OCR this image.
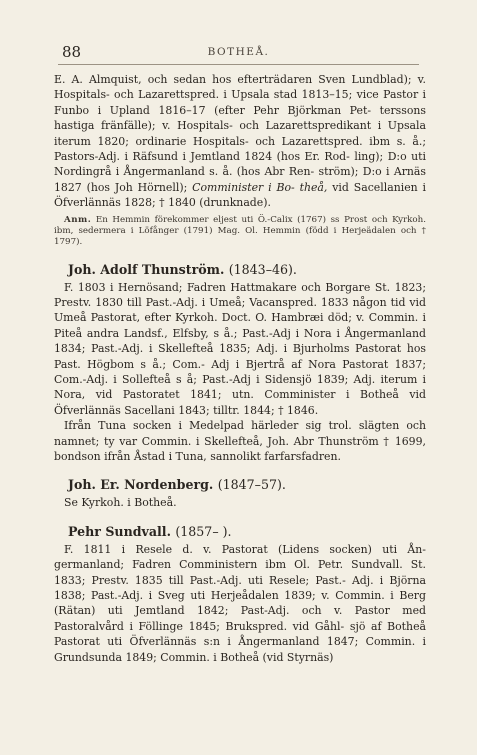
88	BOTHEÅ.

E. A. Almquist, och sedan hos efterträdaren Sven Lundblad); v. Hospitals- och Lazarettspred. i Upsala stad 1813–15; vice Pastor i Funbo i Upland 1816–17 (efter Pehr Björkman Pet- terssons hastiga fränfälle); v. Hospitals- och Lazarettspredikant i Upsala iterum 1820; ordinarie Hospitals- och Lazarettspred. ibm s. å.; Pastors-Adj. i Räfsund i Jemtland 1824 (hos Er. Rod- ling); D:o uti Nordingrå i Ångermanland s. å. (hos Abr Ren- ström); D:o i Arnäs 1827 (hos Joh Hörnell); Comminister i Bo- theå, vid Sacellanien i Öfverlännäs 1828; † 1840 (drunknade).

Anm. En Hemmin förekommer eljest uti Ö.-Calix (1767) ss Prost och Kyrkoh. ibm, sedermera i Löfånger (1791) Mag. Ol. Hemmin (född i Herjeädalen och † 1797).

Joh. Adolf Thunström. (1843–46).

F. 1803 i Hernösand; Fadren Hattmakare och Borgare St. 1823; Prestv. 1830 till Past.-Adj. i Umeå; Vacanspred. 1833 någon tid vid Umeå Pastorat, efter Kyrkoh. Doct. O. Hambræi död; v. Commin. i Piteå andra Landsf., Elfsby, s å.; Past.-Adj i Nora i Ångermanland 1834; Past.-Adj. i Skellefteå 1835; Adj. i Bjurholms Pastorat hos Past. Högbom s å.; Com.- Adj i Bjertrå af Nora Pastorat 1837; Com.-Adj. i Sollefteå s å; Past.-Adj i Sidensjö 1839; Adj. iterum i Nora, vid Pastoratet 1841; utn. Comminister i Botheå vid Öfverlännäs Sacellani 1843; tilltr. 1844; † 1846.

Ifrån Tuna socken i Medelpad härleder sig trol. slägten och namnet; ty var Commin. i Skellefteå, Joh. Abr Thunström † 1699, bondson ifrån Åstad i Tuna, sannolikt farfarsfadren.

Joh. Er. Nordenberg. (1847–57).

Se Kyrkoh. i Botheå.

Pehr Sundvall. (1857– ).

F. 1811 i Resele d. v. Pastorat (Lidens socken) uti Ån- germanland; Fadren Comministern ibm Ol. Petr. Sundvall. St. 1833; Prestv. 1835 till Past.-Adj. uti Resele; Past.- Adj. i Björna 1838; Past.-Adj. i Sveg uti Herjeådalen 1839; v. Commin. i Berg (Rätan) uti Jemtland 1842; Past-Adj. och v. Pastor med Pastoralvård i Föllinge 1845; Brukspred. vid Gåhl- sjö af Botheå Pastorat uti Öfverlännäs s:n i Ångermanland 1847; Commin. i Grundsunda 1849; Commin. i Botheå (vid Styrnäs)
